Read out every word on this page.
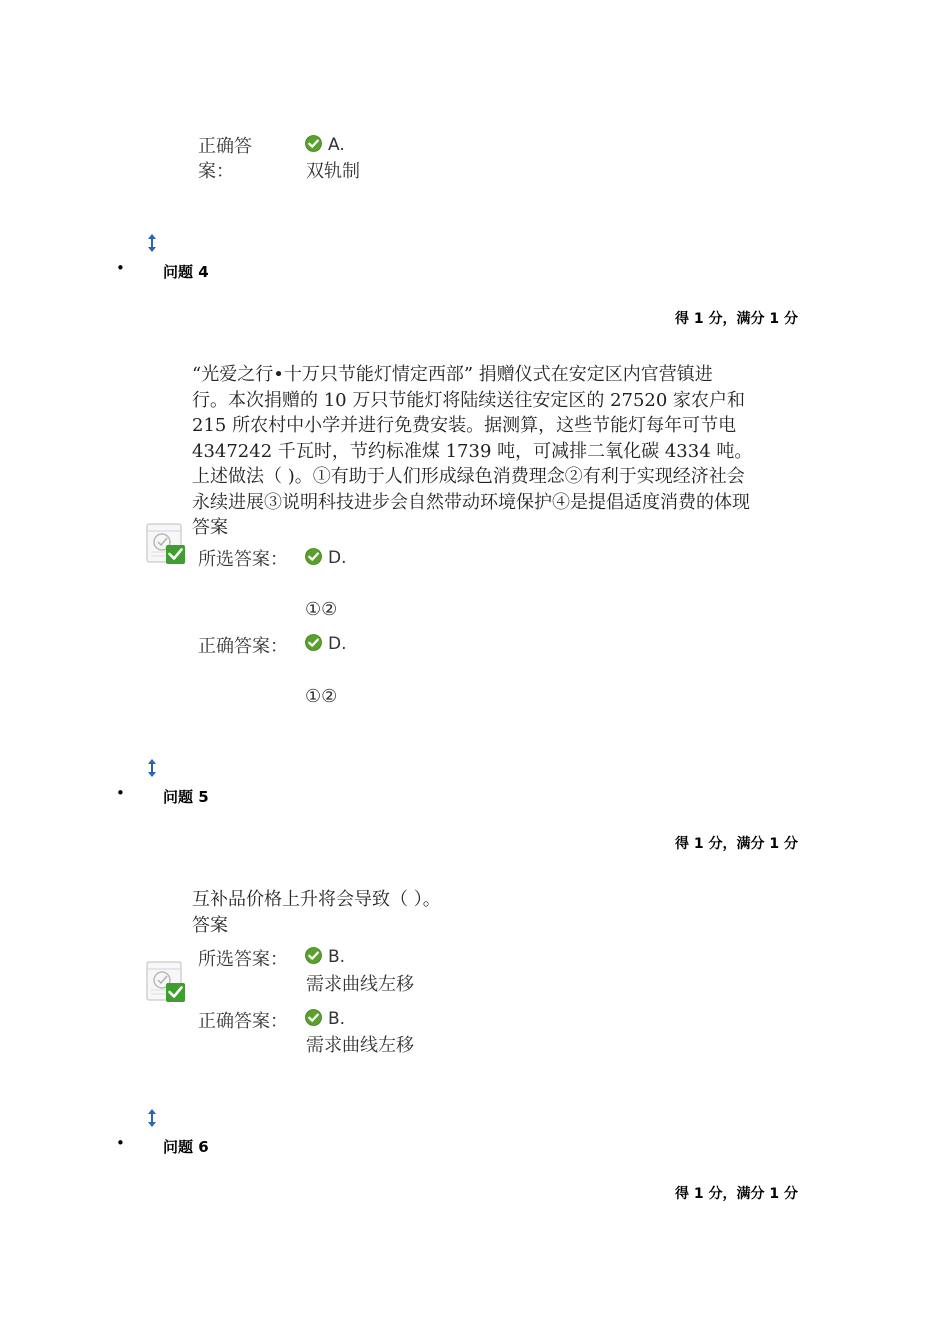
正确答案：
A.
双轨制
•	问题 4
得 1 分，满分 1 分
“光爱之行•十万只节能灯情定西部” 捐赠仪式在安定区内官营镇进
行。本次捐赠的 10 万只节能灯将陆续送往安定区的 27520 家农户和
215 所农村中小学并进行免费安装。据测算，这些节能灯每年可节电
4347242 千瓦时，节约标准煤 1739 吨，可减排二氧化碳 4334 吨。
上述做法（ )。①有助于人们形成绿色消费理念②有利于实现经济社会
永续进展③说明科技进步会自然带动环境保护④是提倡适度消费的体现
答案
所选答案： D.
①②
正确答案： D.
①②
•	问题 5
得 1 分，满分 1 分
互补品价格上升将会导致（ ）。
答案
所选答案： B.
需求曲线左移
正确答案： B.
需求曲线左移
•	问题 6
得 1 分，满分 1 分
